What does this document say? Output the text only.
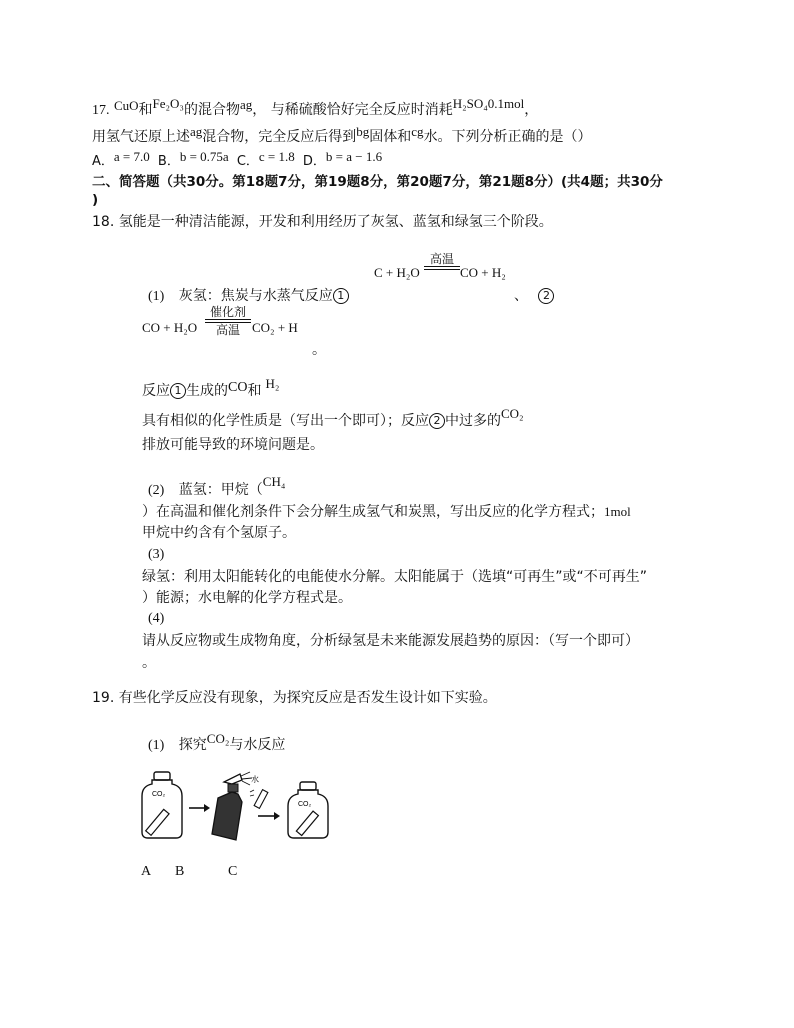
17. CuO和Fe₂O₃的混合物ag， 与稀硫酸恰好完全反应时消耗H₂SO₄0.1mol，
用氢气还原上述ag混合物，完全反应后得到bg固体和cg水。下列分析正确的是（）
A．a = 7.0 B．b = 0.75a C．c = 1.8 D．b = a − 1.6
二、简答题（共30分。第18题7分，第19题8分，第20题7分，第21题8分）(共4题；共30分
)
18. 氢能是一种清洁能源，开发和利用经历了灰氢、蓝氢和绿氢三个阶段。
C + H₂O
高温
CO + H₂
(1) 灰氢：焦炭与水蒸气反应 1	、 2
CO + H₂O
催化剂
高温 CO₂ + H
。
反应 1 生成的CO和 H₂
具有相似的化学性质是（写出一个即可）；反应 2 中过多的CO₂
排放可能导致的环境问题是。
(2) 蓝氢：甲烷（CH₄
）在高温和催化剂条件下会分解生成氢气和炭黑，写出反应的化学方程式；1mol
甲烷中约含有个氢原子。
(3)
绿氢：利用太阳能转化的电能使水分解。太阳能属于（选填“可再生”或“不可再生”
）能源；水电解的化学方程式是。
(4)
请从反应物或生成物角度，分析绿氢是未来能源发展趋势的原因：（写一个即可）
。
19. 有些化学反应没有现象，为探究反应是否发生设计如下实验。
(1) 探究CO₂与水反应
CO₂
水
CO₂
A B	C
